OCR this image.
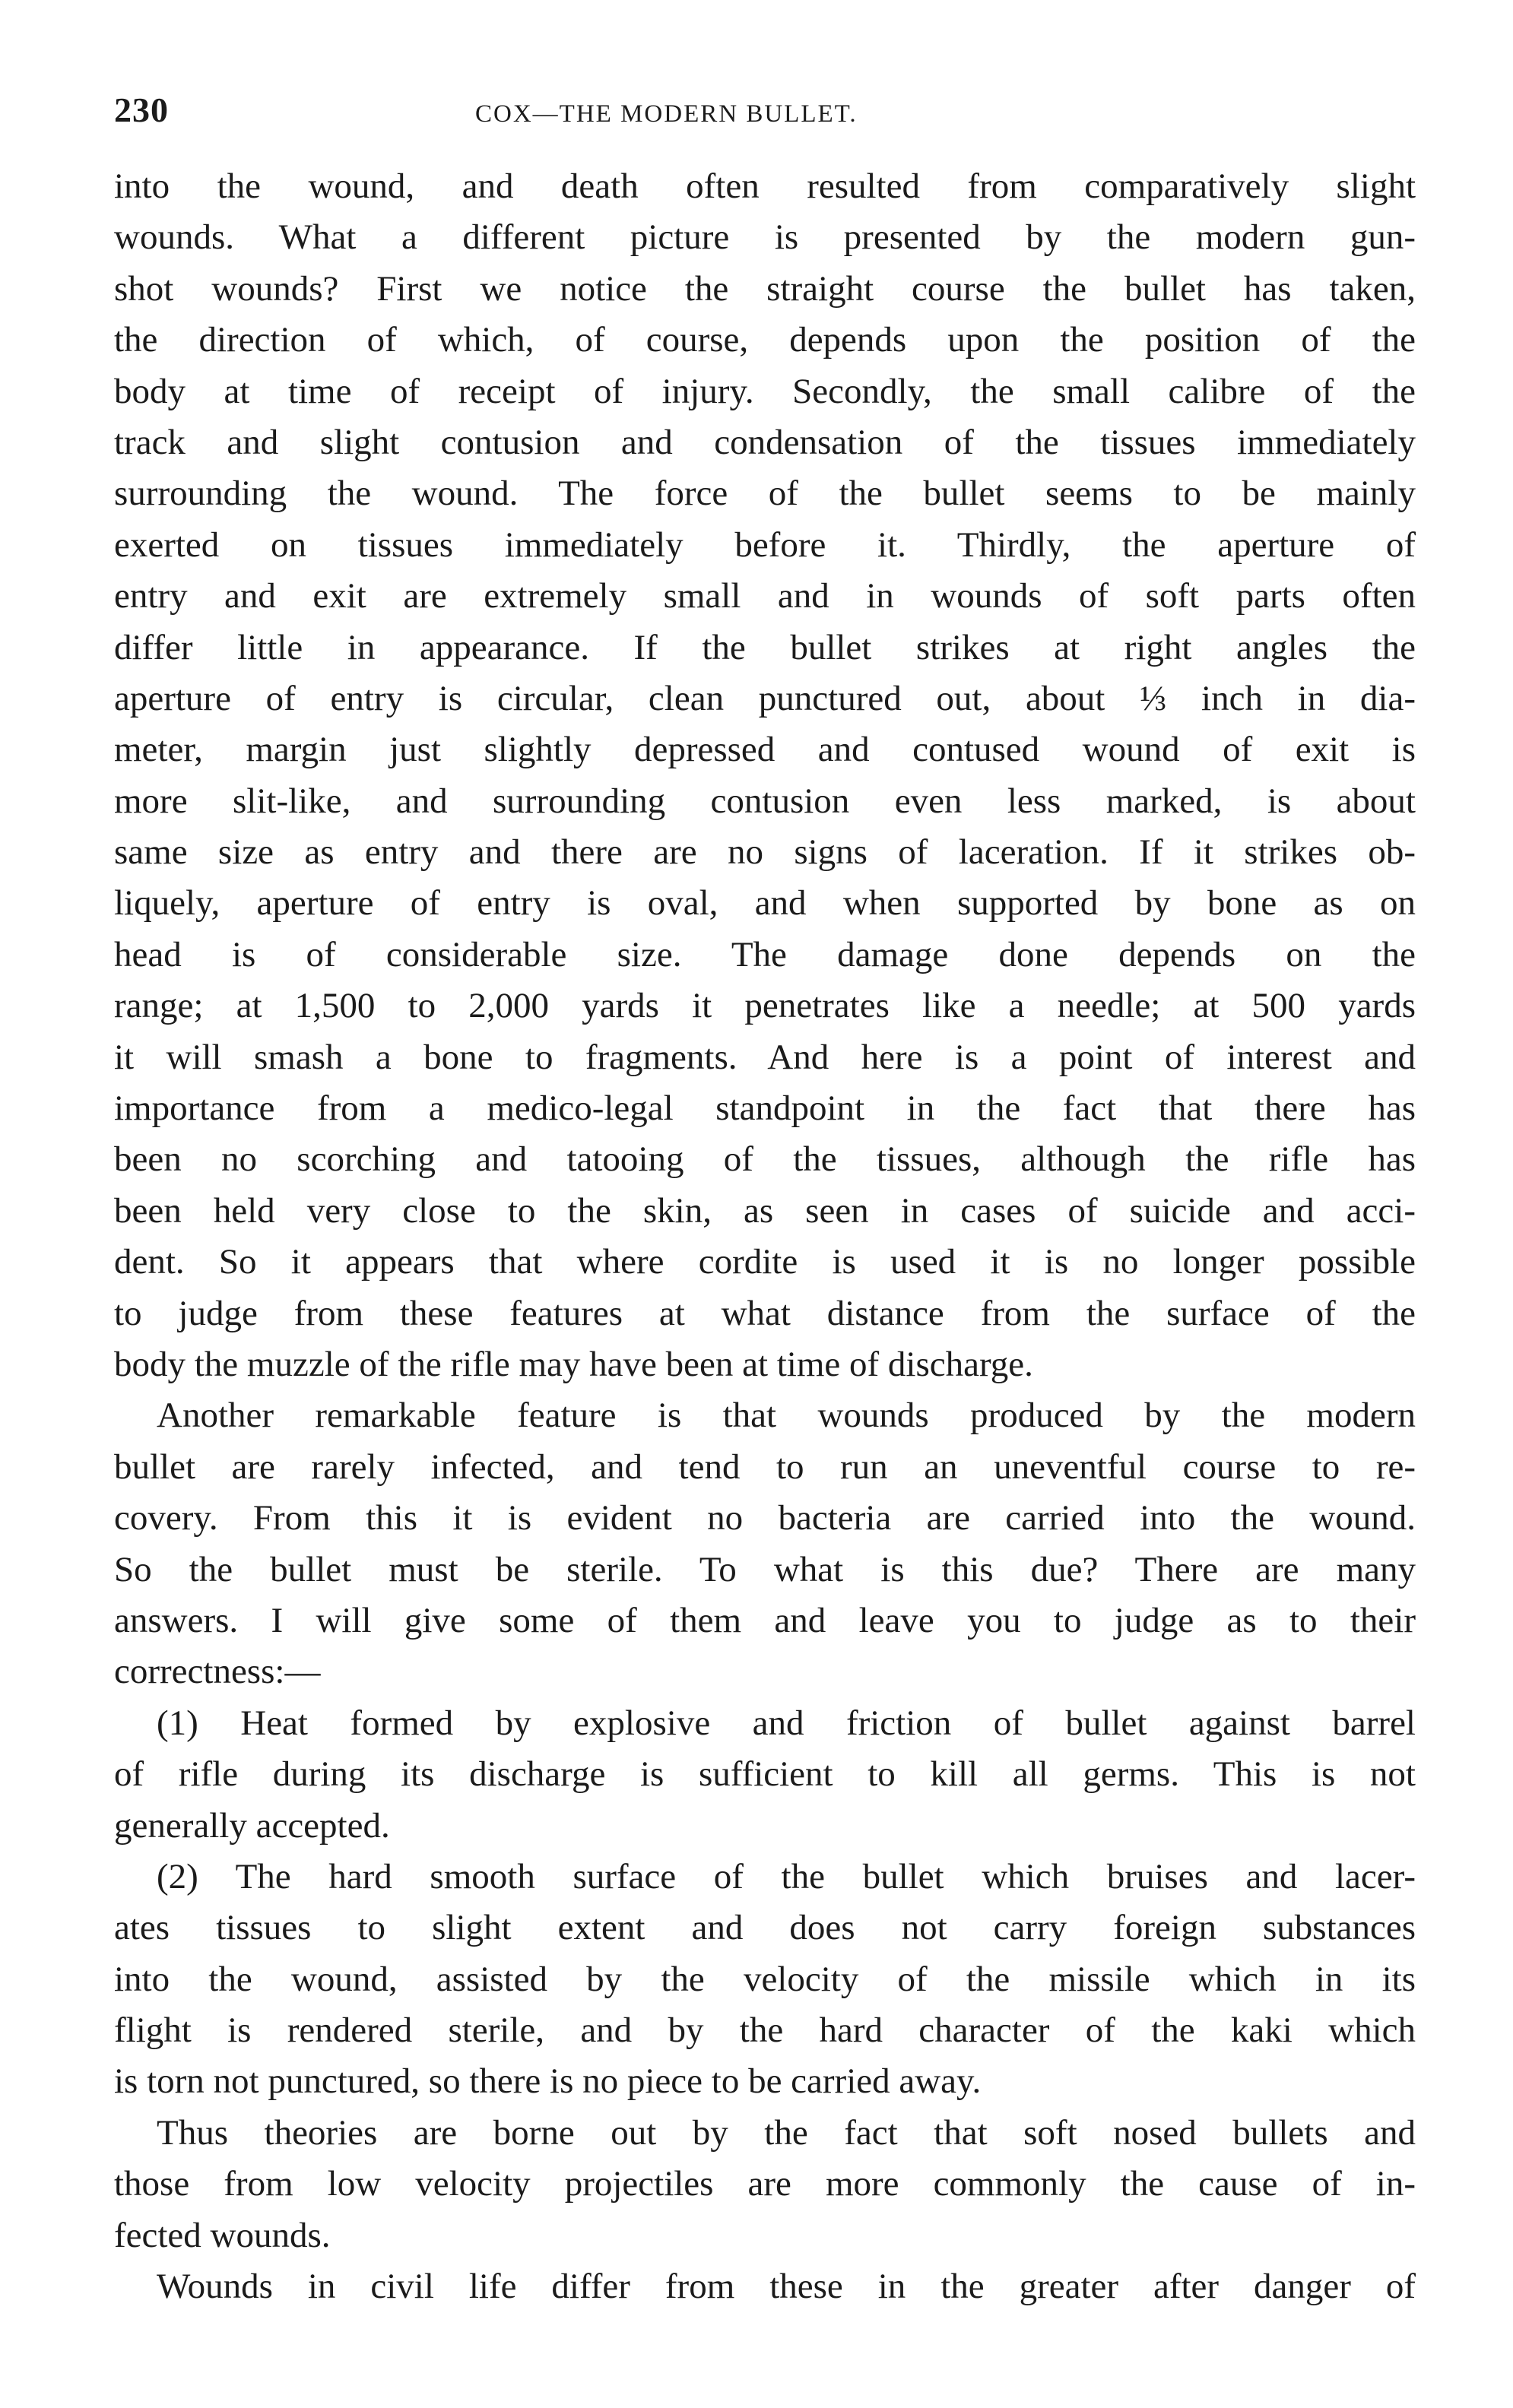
230	COX—THE MODERN BULLET.
into the wound, and death often resulted from comparatively slight
wounds. What a different picture is presented by the modern gun-
shot wounds? First we notice the straight course the bullet has taken,
the direction of which, of course, depends upon the position of the
body at time of receipt of injury. Secondly, the small calibre of the
track and slight contusion and condensation of the tissues immediately
surrounding the wound. The force of the bullet seems to be mainly
exerted on tissues immediately before it. Thirdly, the aperture of
entry and exit are extremely small and in wounds of soft parts often
differ little in appearance. If the bullet strikes at right angles the
aperture of entry is circular, clean punctured out, about ⅓ inch in dia-
meter, margin just slightly depressed and contused wound of exit is
more slit-like, and surrounding contusion even less marked, is about
same size as entry and there are no signs of laceration. If it strikes ob-
liquely, aperture of entry is oval, and when supported by bone as on
head is of considerable size. The damage done depends on the
range; at 1,500 to 2,000 yards it penetrates like a needle; at 500 yards
it will smash a bone to fragments. And here is a point of interest and
importance from a medico-legal standpoint in the fact that there has
been no scorching and tatooing of the tissues, although the rifle has
been held very close to the skin, as seen in cases of suicide and acci-
dent. So it appears that where cordite is used it is no longer possible
to judge from these features at what distance from the surface of the
body the muzzle of the rifle may have been at time of discharge.
Another remarkable feature is that wounds produced by the modern
bullet are rarely infected, and tend to run an uneventful course to re-
covery. From this it is evident no bacteria are carried into the wound.
So the bullet must be sterile. To what is this due? There are many
answers. I will give some of them and leave you to judge as to their
correctness:—
(1) Heat formed by explosive and friction of bullet against barrel
of rifle during its discharge is sufficient to kill all germs. This is not
generally accepted.
(2) The hard smooth surface of the bullet which bruises and lacer-
ates tissues to slight extent and does not carry foreign substances
into the wound, assisted by the velocity of the missile which in its
flight is rendered sterile, and by the hard character of the kaki which
is torn not punctured, so there is no piece to be carried away.
Thus theories are borne out by the fact that soft nosed bullets and
those from low velocity projectiles are more commonly the cause of in-
fected wounds.
Wounds in civil life differ from these in the greater after danger of
